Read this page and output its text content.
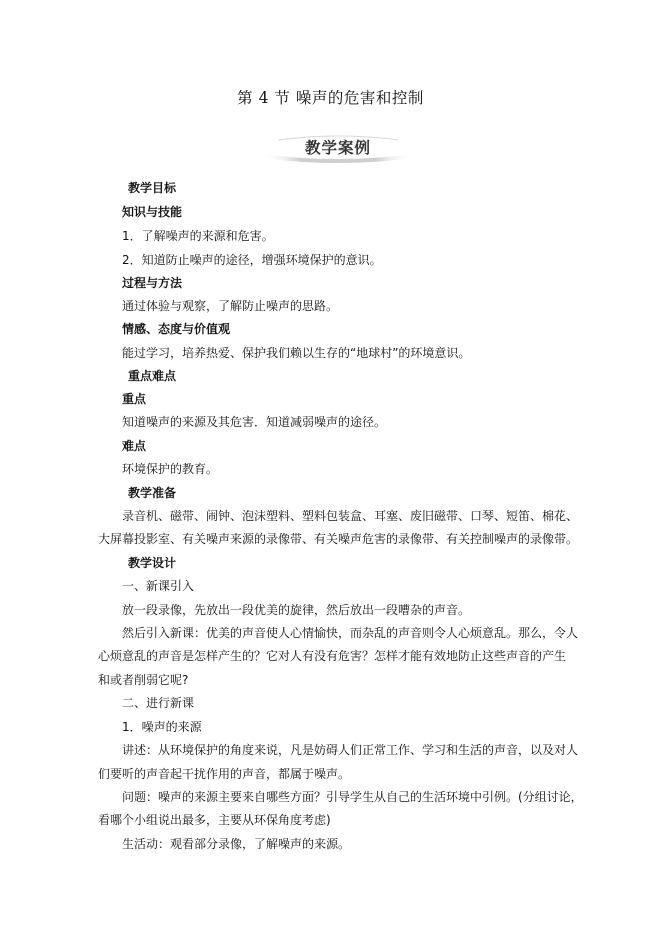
第 4 节 噪声的危害和控制
教学案例
教学目标
知识与技能
1．了解噪声的来源和危害。
2．知道防止噪声的途径，增强环境保护的意识。
过程与方法
通过体验与观察，了解防止噪声的思路。
情感、态度与价值观
能过学习，培养热爱、保护我们赖以生存的“地球村”的环境意识。
重点难点
重点
知道噪声的来源及其危害．知道减弱噪声的途径。
难点
环境保护的教育。
教学准备
录音机、磁带、闹钟、泡沫塑料、塑料包装盒、耳塞、废旧磁带、口琴、短笛、棉花、
大屏幕投影室、有关噪声来源的录像带、有关噪声危害的录像带、有关控制噪声的录像带。
教学设计
一、新课引入
放一段录像，先放出一段优美的旋律，然后放出一段嘈杂的声音。
然后引入新课：优美的声音使人心情愉快，而杂乱的声音则令人心烦意乱。那么，令人
心烦意乱的声音是怎样产生的？它对人有没有危害？怎样才能有效地防止这些声音的产生
和或者削弱它呢?
二、进行新课
1．噪声的来源
讲述：从环境保护的角度来说，凡是妨碍人们正常工作、学习和生活的声音，以及对人
们要听的声音起干扰作用的声音，都属于噪声。
问题：噪声的来源主要来自哪些方面？引导学生从自己的生活环境中引例。(分组讨论，
看哪个小组说出最多，主要从环保角度考虑)
生活动：观看部分录像，了解噪声的来源。
